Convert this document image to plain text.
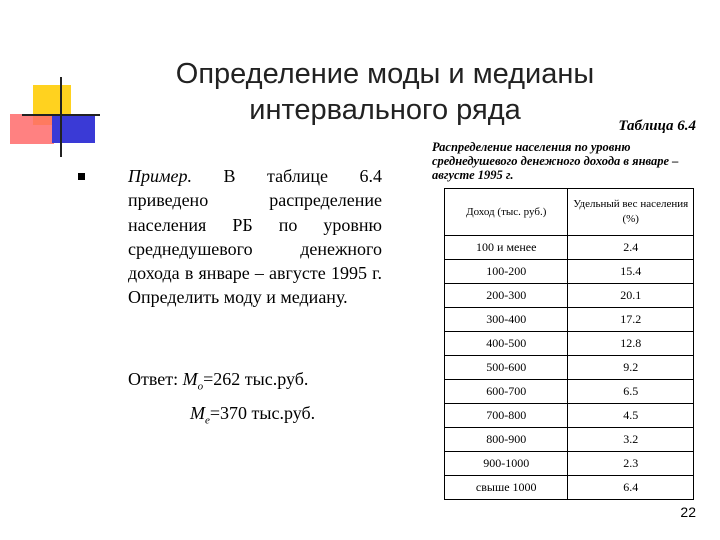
Определение моды и медианы
интервального ряда	Таблица 6.4
Пример. В таблице 6.4 приведено распределение населения РБ по уровню среднедушевого денежного дохода в январе – августе 1995 г. Определить моду и медиану.
Ответ: $M_o=262$ тыс.руб.
$M_e=370$ тыс.руб.
Распределение населения по уровню среднедушевого денежного дохода в январе – августе 1995 г.
Доход (тыс. руб.)	Удельный вес населения (%)
100 и менее	2.4
100-200	15.4
200-300	20.1
300-400	17.2
400-500	12.8
500-600	9.2
600-700	6.5
700-800	4.5
800-900	3.2
900-1000	2.3
свыше 1000	6.4
22
